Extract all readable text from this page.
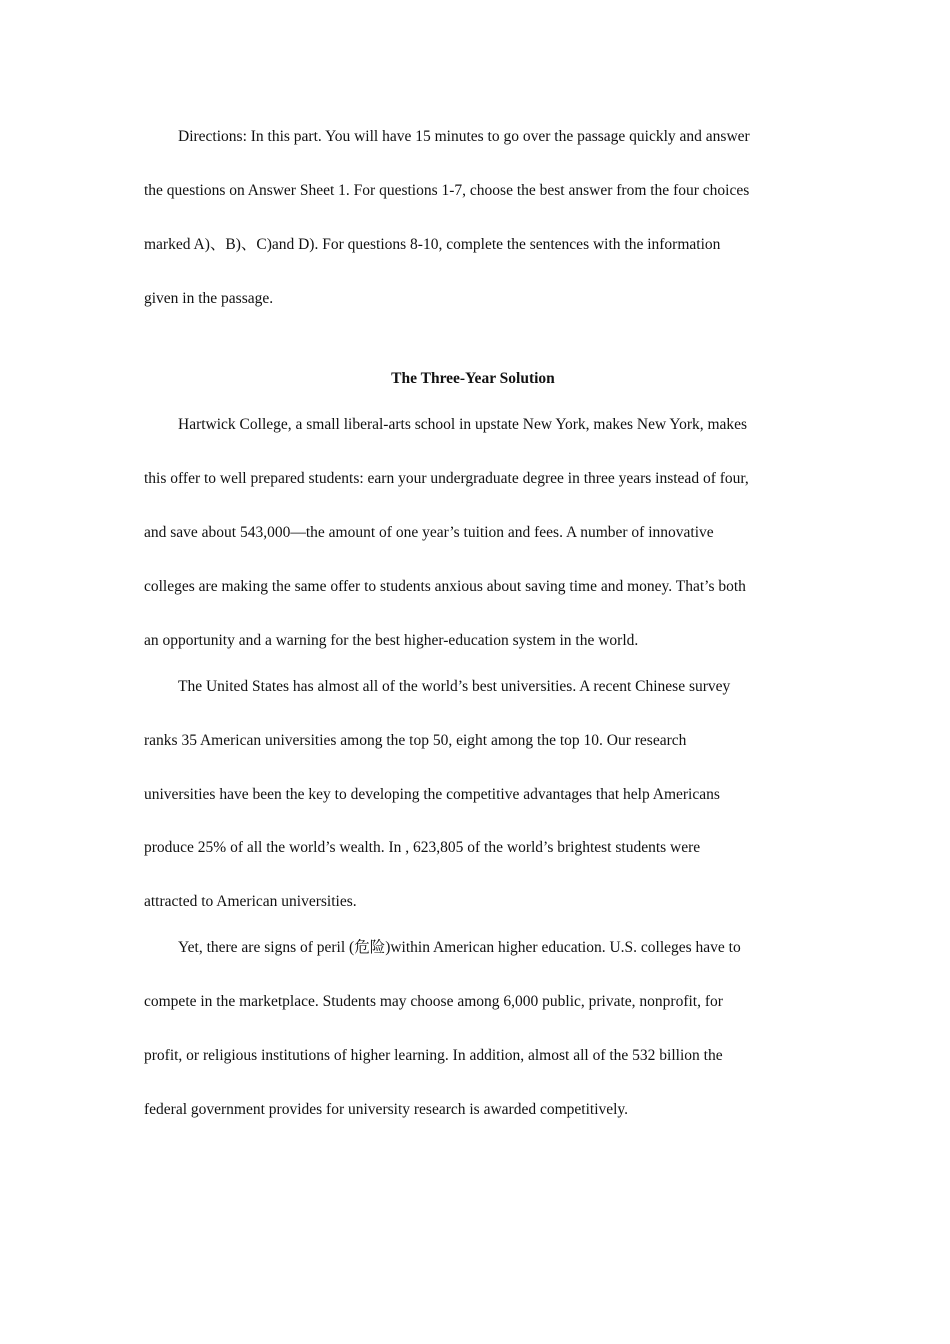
Directions: In this part. You will have 15 minutes to go over the passage quickly and answer
the questions on Answer Sheet 1. For questions 1-7, choose the best answer from the four choices
marked A)、B)、C)and D). For questions 8-10, complete the sentences with the information
given in the passage.
The Three-Year Solution
Hartwick College, a small liberal-arts school in upstate New York, makes New York, makes
this offer to well prepared students: earn your undergraduate degree in three years instead of four,
and save about 543,000—the amount of one year’s tuition and fees. A number of innovative
colleges are making the same offer to students anxious about saving time and money. That’s both
an opportunity and a warning for the best higher-education system in the world.
The United States has almost all of the world’s best universities. A recent Chinese survey
ranks 35 American universities among the top 50, eight among the top 10. Our research
universities have been the key to developing the competitive advantages that help Americans
produce 25% of all the world’s wealth. In , 623,805 of the world’s brightest students were
attracted to American universities.
Yet, there are signs of peril (危险)within American higher education. U.S. colleges have to
compete in the marketplace. Students may choose among 6,000 public, private, nonprofit, for
profit, or religious institutions of higher learning. In addition, almost all of the 532 billion the
federal government provides for university research is awarded competitively.
